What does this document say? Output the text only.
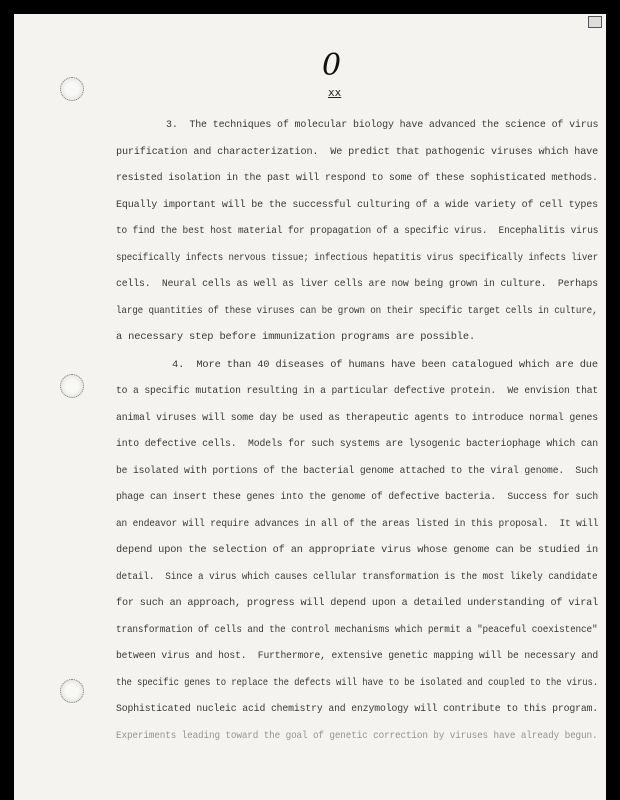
0
xx
3.  The techniques of molecular biology have advanced the science of virus
purification and characterization.  We predict that pathogenic viruses which have
resisted isolation in the past will respond to some of these sophisticated methods.
Equally important will be the successful culturing of a wide variety of cell types
to find the best host material for propagation of a specific virus.  Encephalitis virus
specifically infects nervous tissue; infectious hepatitis virus specifically infects liver
cells.  Neural cells as well as liver cells are now being grown in culture.  Perhaps
large quantities of these viruses can be grown on their specific target cells in culture,
a necessary step before immunization programs are possible.
4.  More than 40 diseases of humans have been catalogued which are due
to a specific mutation resulting in a particular defective protein.  We envision that
animal viruses will some day be used as therapeutic agents to introduce normal genes
into defective cells.  Models for such systems are lysogenic bacteriophage which can
be isolated with portions of the bacterial genome attached to the viral genome.  Such
phage can insert these genes into the genome of defective bacteria.  Success for such
an endeavor will require advances in all of the areas listed in this proposal.  It will
depend upon the selection of an appropriate virus whose genome can be studied in
detail.  Since a virus which causes cellular transformation is the most likely candidate
for such an approach, progress will depend upon a detailed understanding of viral
transformation of cells and the control mechanisms which permit a "peaceful coexistence"
between virus and host.  Furthermore, extensive genetic mapping will be necessary and
the specific genes to replace the defects will have to be isolated and coupled to the virus.
Sophisticated nucleic acid chemistry and enzymology will contribute to this program.
Experiments leading toward the goal of genetic correction by viruses have already begun.
